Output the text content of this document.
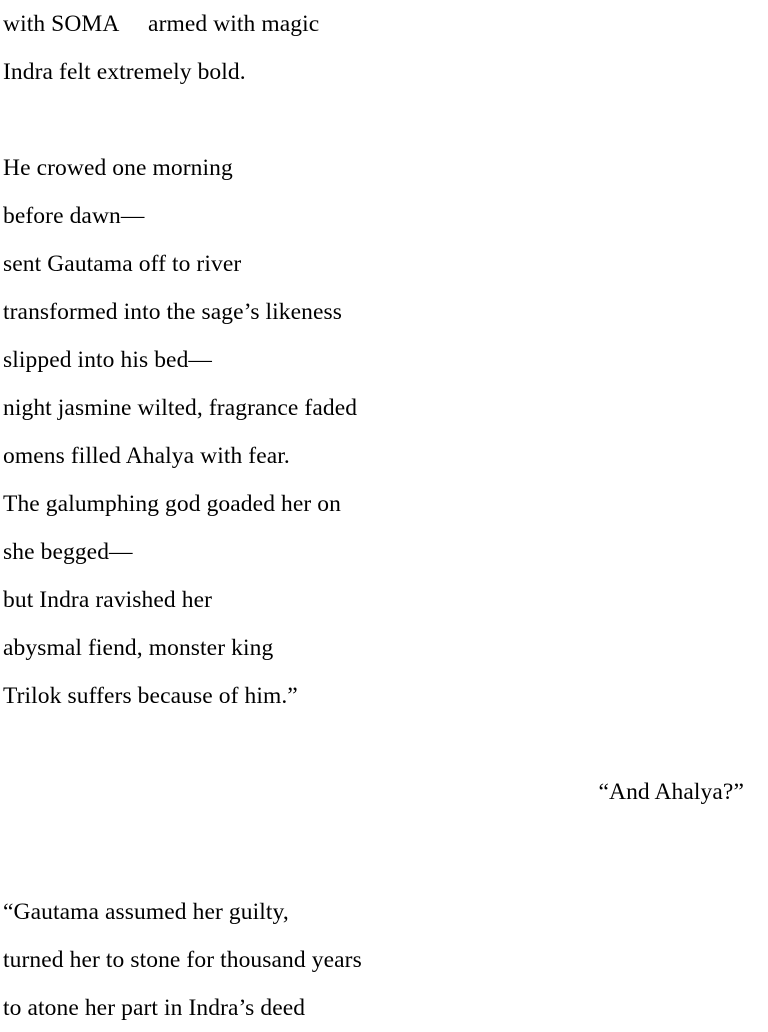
with SOMA     armed with magic
Indra felt extremely bold.
He crowed one morning
before dawn—
sent Gautama off to river
transformed into the sage’s likeness
slipped into his bed—
night jasmine wilted, fragrance faded
omens filled Ahalya with fear.
The galumphing god goaded her on
she begged—
but Indra ravished her
abysmal fiend, monster king
Trilok suffers because of him.”
“And Ahalya?”
“Gautama assumed her guilty,
turned her to stone for thousand years
to atone her part in Indra’s deed
